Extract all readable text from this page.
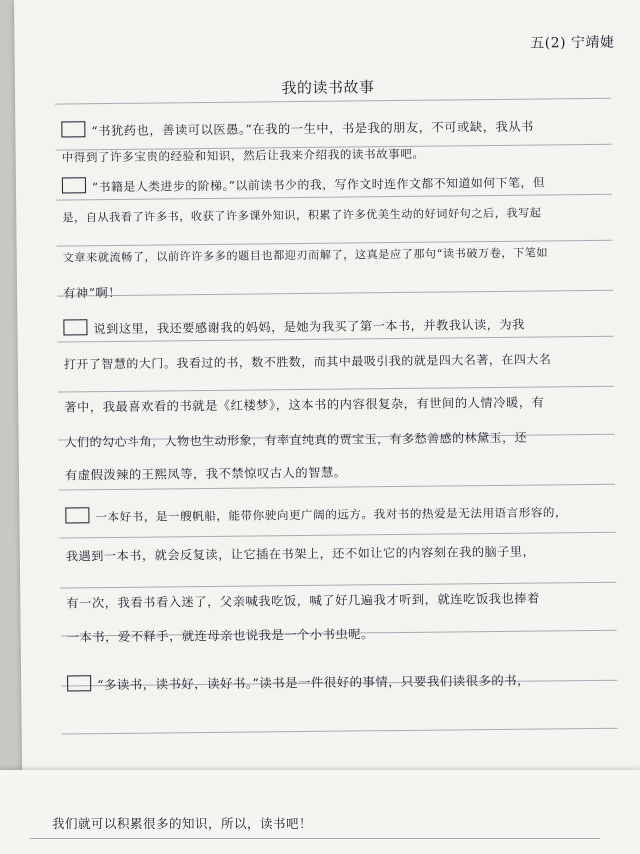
五(2) 宁靖婕
我的读书故事
“书犹药也，善读可以医愚。”在我的一生中，书是我的朋友，不可或缺，我从书
中得到了许多宝贵的经验和知识，然后让我来介绍我的读书故事吧。
“书籍是人类进步的阶梯。”以前读书少的我，写作文时连作文都不知道如何下笔，但
是，自从我看了许多书，收获了许多课外知识，积累了许多优美生动的好词好句之后，我写起
文章来就流畅了，以前许许多多的题目也都迎刃而解了，这真是应了那句“读书破万卷，下笔如
有神”啊！
说到这里，我还要感谢我的妈妈，是她为我买了第一本书，并教我认读，为我
打开了智慧的大门。我看过的书，数不胜数，而其中最吸引我的就是四大名著，在四大名
著中，我最喜欢看的书就是《红楼梦》，这本书的内容很复杂，有世间的人情冷暖，有
人们的勾心斗角，人物也生动形象，有率直纯真的贾宝玉，有多愁善感的林黛玉，还
有虚假泼辣的王熙凤等，我不禁惊叹古人的智慧。
一本好书，是一艘帆船，能带你驶向更广阔的远方。我对书的热爱是无法用语言形容的，
我遇到一本书，就会反复读，让它插在书架上，还不如让它的内容刻在我的脑子里，
有一次，我看书看入迷了，父亲喊我吃饭，喊了好几遍我才听到，就连吃饭我也捧着
一本书，爱不释手，就连母亲也说我是一个小书虫呢。
“多读书，读书好，读好书。”读书是一件很好的事情，只要我们读很多的书，
我们就可以积累很多的知识，所以，读书吧！
